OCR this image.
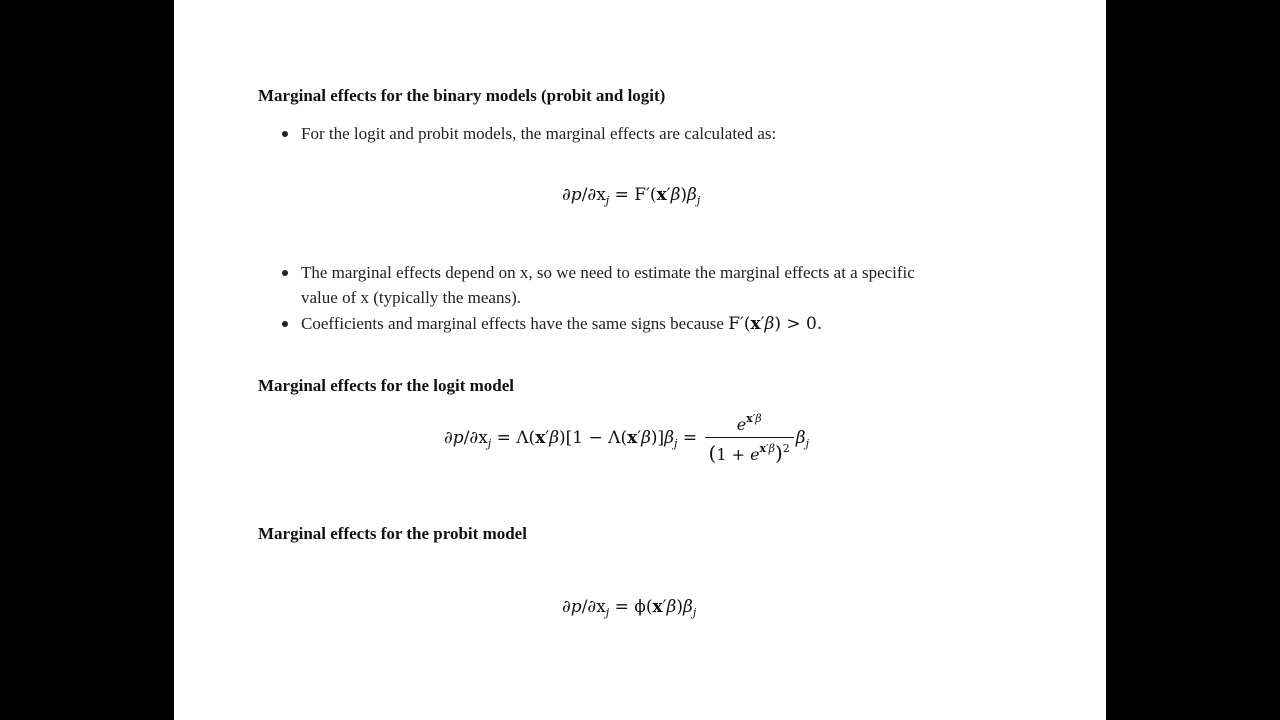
Marginal effects for the binary models (probit and logit)
For the logit and probit models, the marginal effects are calculated as:
$\partial p/\partial x_j = F'(x'\beta)\beta_j$
The marginal effects depend on x, so we need to estimate the marginal effects at a specific
value of x (typically the means).
Coefficients and marginal effects have the same signs because F′(x′β) > 0.
Marginal effects for the logit model
$\partial p/\partial x_j = \Lambda(x'\beta)[1 - \Lambda(x'\beta)]\beta_j = \frac{e^{x'\beta}}{(1 + e^{x'\beta})^2} \beta_j$
Marginal effects for the probit model
$\partial p/\partial x_j = \phi(x'\beta)\beta_j$
